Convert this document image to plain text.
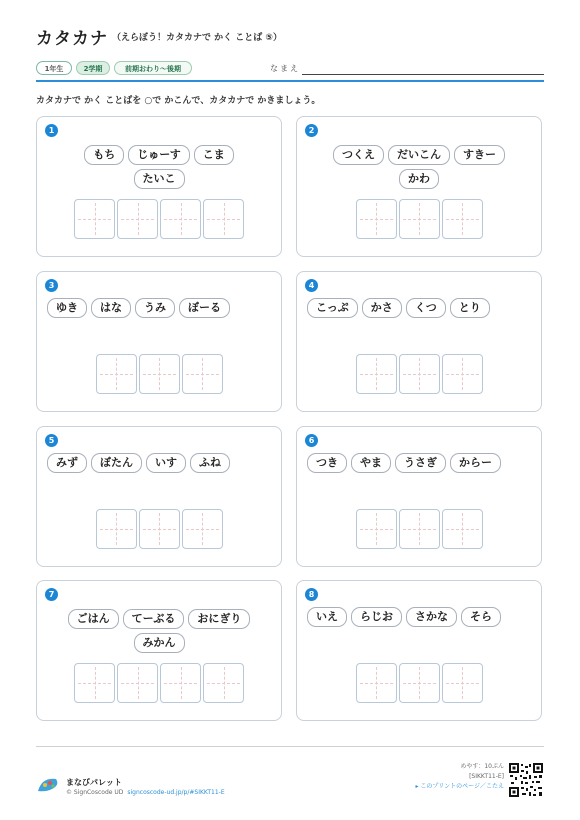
カタカナ （えらぼう！カタカナで かく ことば ⑤）
1年生	2学期	前期おわり〜後期	なまえ
カタカナで かく ことばを ○で かこんで、カタカナで かきましょう。
1
もち	じゅーす	こま
たいこ
2
つくえ	だいこん	すきー
かわ
3
ゆき	はな	うみ	ぼーる
4
こっぷ	かさ	くつ	とり
5
みず	ぼたん	いす	ふね
6
つき	やま	うさぎ	からー
7
ごはん	てーぶる	おにぎり
みかん
8
いえ	らじお	さかな	そら
まなびパレット
© SignCoscode UD signcoscode-ud.jp/p/#SIKKT11-E
めやす：10ぷん
[SIKKT11-E]
▸ このプリントのページ／こたえ
